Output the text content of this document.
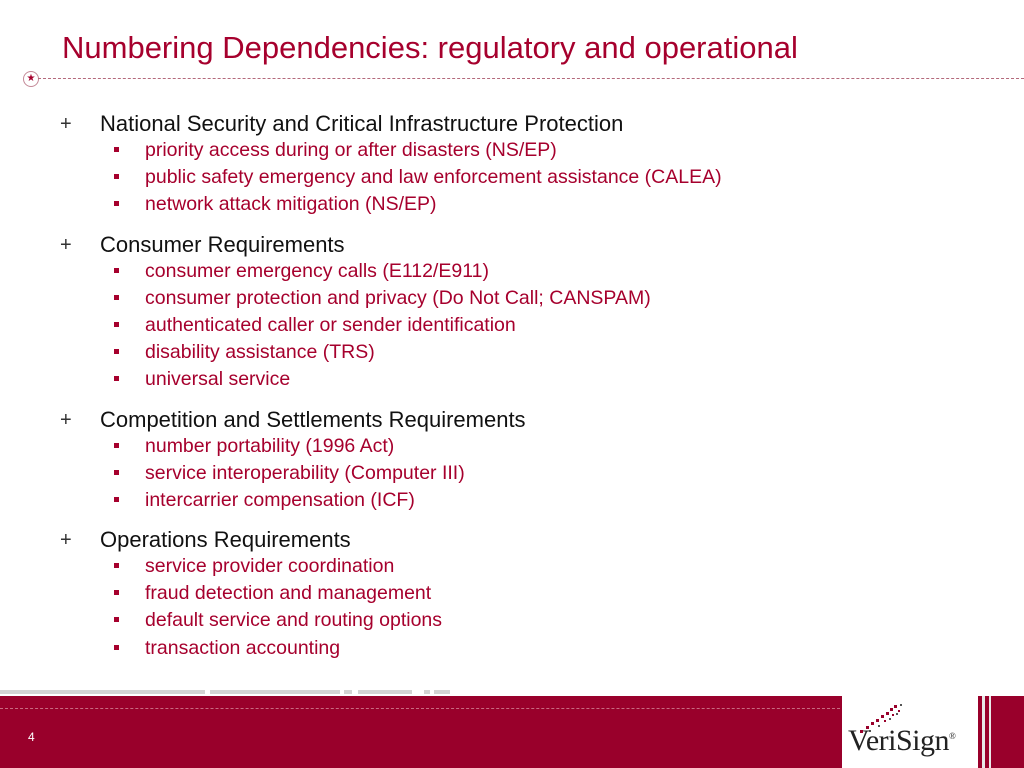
Numbering Dependencies: regulatory and operational
★
+	National Security and Critical Infrastructure Protection
priority access during or after disasters (NS/EP)
public safety emergency and law enforcement assistance (CALEA)
network attack mitigation (NS/EP)
+	Consumer Requirements
consumer emergency calls (E112/E911)
consumer protection and privacy (Do Not Call; CANSPAM)
authenticated caller or sender identification
disability assistance (TRS)
universal service
+	Competition and Settlements Requirements
number portability (1996 Act)
service interoperability (Computer III)
intercarrier compensation (ICF)
+	Operations Requirements
service provider coordination
fraud detection and management
default service and routing options
transaction accounting
4	VeriSign®
